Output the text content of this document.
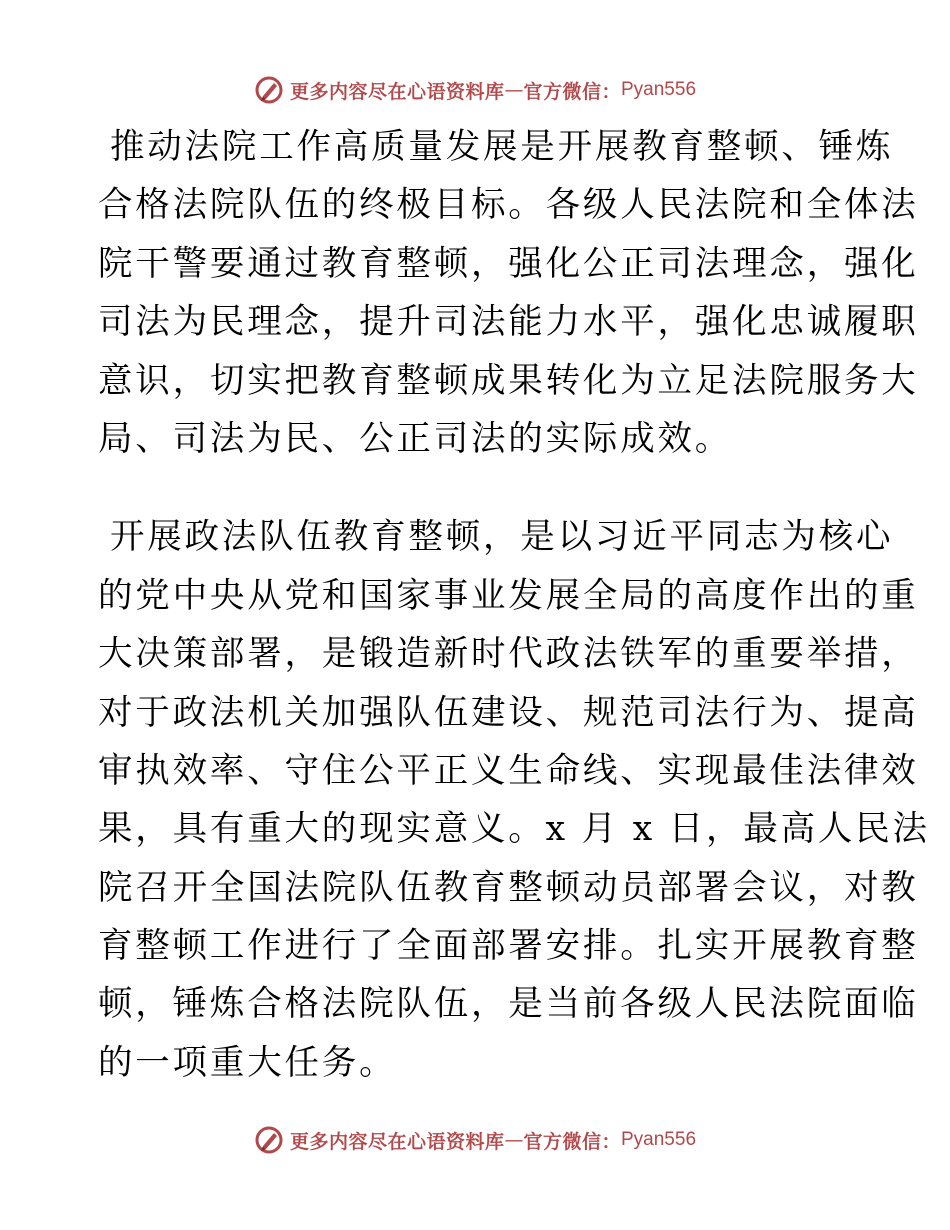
更多内容尽在心语资料库 — 官方微信： Pyan556
推动法院工作高质量发展是开展教育整顿、锤炼
合格法院队伍的终极目标。各级人民法院和全体法
院干警要通过教育整顿，强化公正司法理念，强化
司法为民理念，提升司法能力水平，强化忠诚履职
意识，切实把教育整顿成果转化为立足法院服务大
局、司法为民、公正司法的实际成效。
开展政法队伍教育整顿，是以习近平同志为核心
的党中央从党和国家事业发展全局的高度作出的重
大决策部署，是锻造新时代政法铁军的重要举措，
对于政法机关加强队伍建设、规范司法行为、提高
审执效率、守住公平正义生命线、实现最佳法律效
果，具有重大的现实意义。x 月 x 日，最高人民法
院召开全国法院队伍教育整顿动员部署会议，对教
育整顿工作进行了全面部署安排。扎实开展教育整
顿，锤炼合格法院队伍，是当前各级人民法院面临
的一项重大任务。
更多内容尽在心语资料库 — 官方微信： Pyan556
